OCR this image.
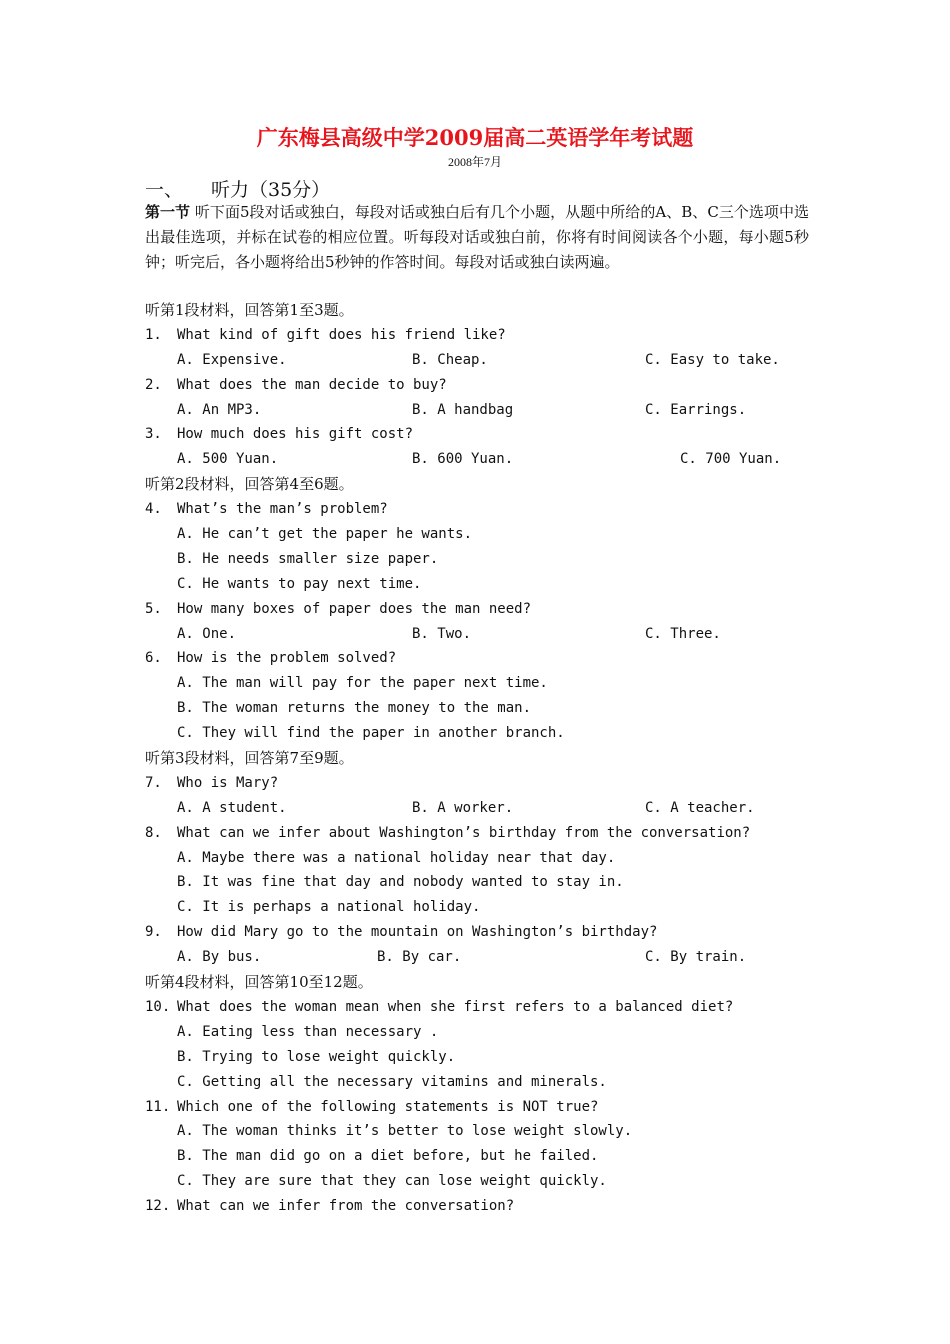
广东梅县高级中学2009届高二英语学年考试题
2008年7月
一、 听力（35分）
第一节 听下面5段对话或独白，每段对话或独白后有几个小题，从题中所给的A、B、C三个选项中选出最佳选项，并标在试卷的相应位置。听每段对话或独白前，你将有时间阅读各个小题，每小题5秒钟；听完后，各小题将给出5秒钟的作答时间。每段对话或独白读两遍。
听第1段材料，回答第1至3题。
1. What kind of gift does his friend like?
A. Expensive.	B. Cheap.	C. Easy to take.
2. What does the man decide to buy?
A. An MP3.	B. A handbag	C. Earrings.
3. How much does his gift cost?
A. 500 Yuan.	B. 600 Yuan.	C. 700 Yuan.
听第2段材料，回答第4至6题。
4. What’s the man’s problem?
A. He can’t get the paper he wants.
B. He needs smaller size paper.
C. He wants to pay next time.
5. How many boxes of paper does the man need?
A. One.	B. Two.	C. Three.
6. How is the problem solved?
A. The man will pay for the paper next time.
B. The woman returns the money to the man.
C. They will find the paper in another branch.
听第3段材料，回答第7至9题。
7. Who is Mary?
A. A student.	B. A worker.	C. A teacher.
8. What can we infer about Washington’s birthday from the conversation?
A. Maybe there was a national holiday near that day.
B. It was fine that day and nobody wanted to stay in.
C. It is perhaps a national holiday.
9. How did Mary go to the mountain on Washington’s birthday?
A. By bus.	B. By car.	C. By train.
听第4段材料，回答第10至12题。
10. What does the woman mean when she first refers to a balanced diet?
A. Eating less than necessary .
B. Trying to lose weight quickly.
C. Getting all the necessary vitamins and minerals.
11. Which one of the following statements is NOT true?
A. The woman thinks it’s better to lose weight slowly.
B. The man did go on a diet before, but he failed.
C. They are sure that they can lose weight quickly.
12. What can we infer from the conversation?
